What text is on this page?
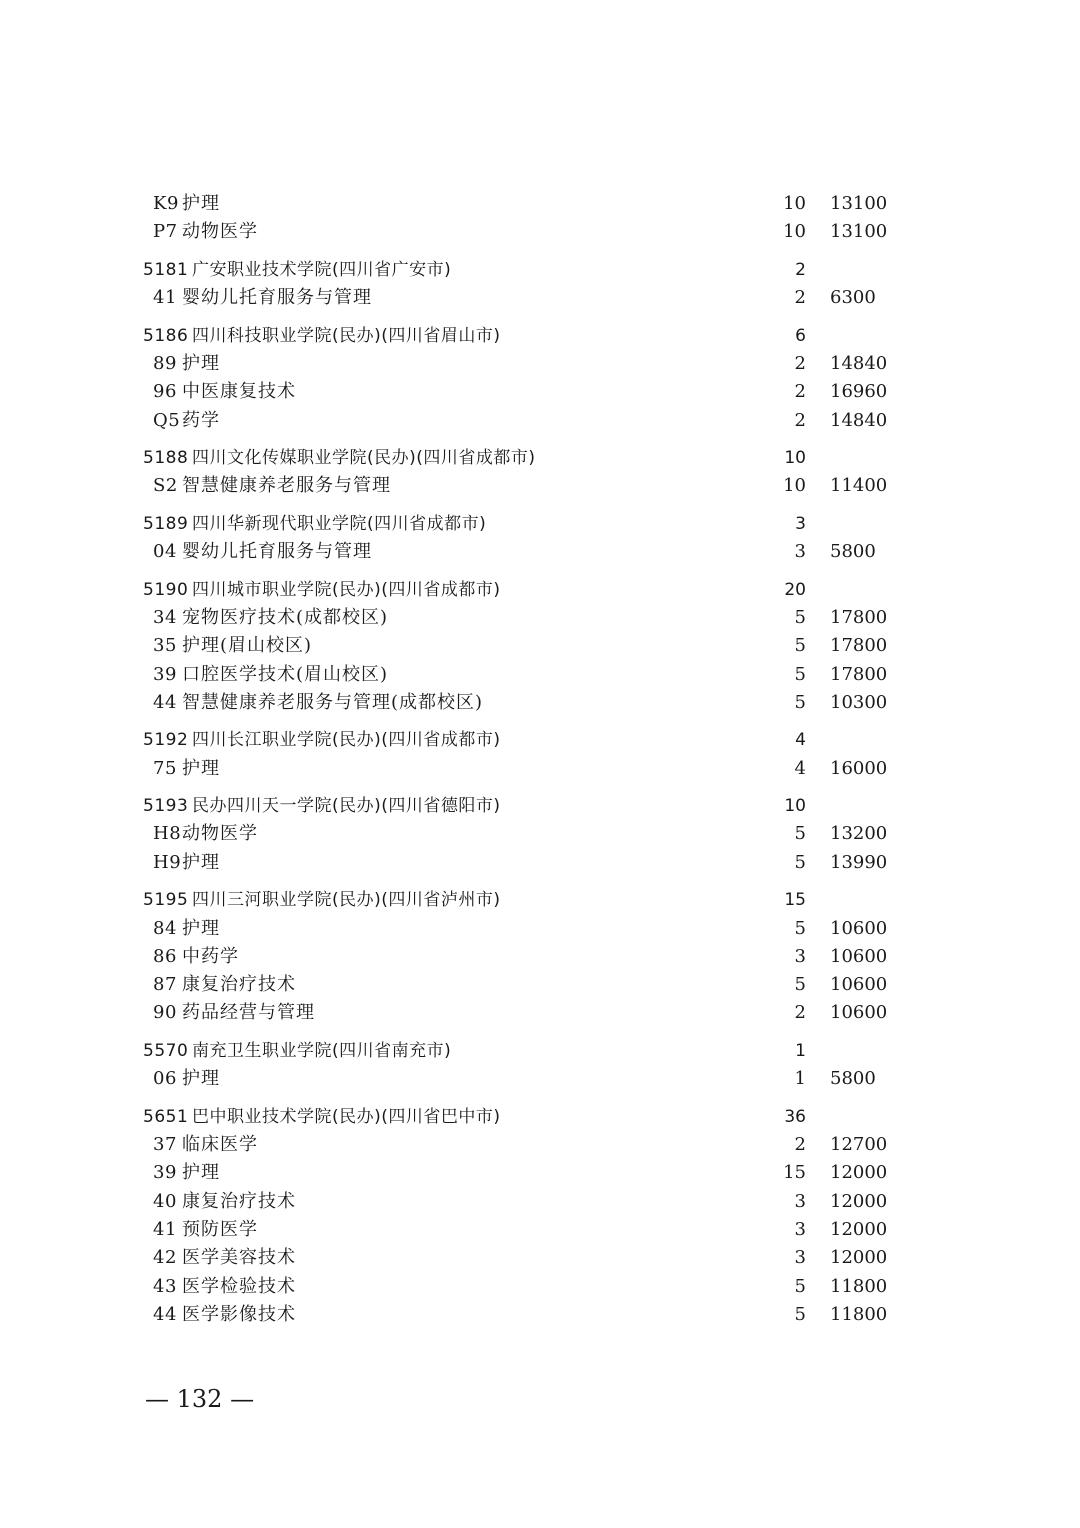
K9 护理	10 13100
P7 动物医学	10 13100
5181 广安职业技术学院(四川省广安市)	2
41 婴幼儿托育服务与管理	2 6300
5186 四川科技职业学院(民办)(四川省眉山市)	6
89 护理	2 14840
96 中医康复技术	2 16960
Q5 药学	2 14840
5188 四川文化传媒职业学院(民办)(四川省成都市)	10
S2 智慧健康养老服务与管理	10 11400
5189 四川华新现代职业学院(四川省成都市)	3
04 婴幼儿托育服务与管理	3 5800
5190 四川城市职业学院(民办)(四川省成都市)	20
34 宠物医疗技术(成都校区)	5 17800
35 护理(眉山校区)	5 17800
39 口腔医学技术(眉山校区)	5 17800
44 智慧健康养老服务与管理(成都校区)	5 10300
5192 四川长江职业学院(民办)(四川省成都市)	4
75 护理	4 16000
5193 民办四川天一学院(民办)(四川省德阳市)	10
H8 动物医学	5 13200
H9 护理	5 13990
5195 四川三河职业学院(民办)(四川省泸州市)	15
84 护理	5 10600
86 中药学	3 10600
87 康复治疗技术	5 10600
90 药品经营与管理	2 10600
5570 南充卫生职业学院(四川省南充市)	1
06 护理	1 5800
5651 巴中职业技术学院(民办)(四川省巴中市)	36
37 临床医学	2 12700
39 护理	15 12000
40 康复治疗技术	3 12000
41 预防医学	3 12000
42 医学美容技术	3 12000
43 医学检验技术	5 11800
44 医学影像技术	5 11800
— 132 —
